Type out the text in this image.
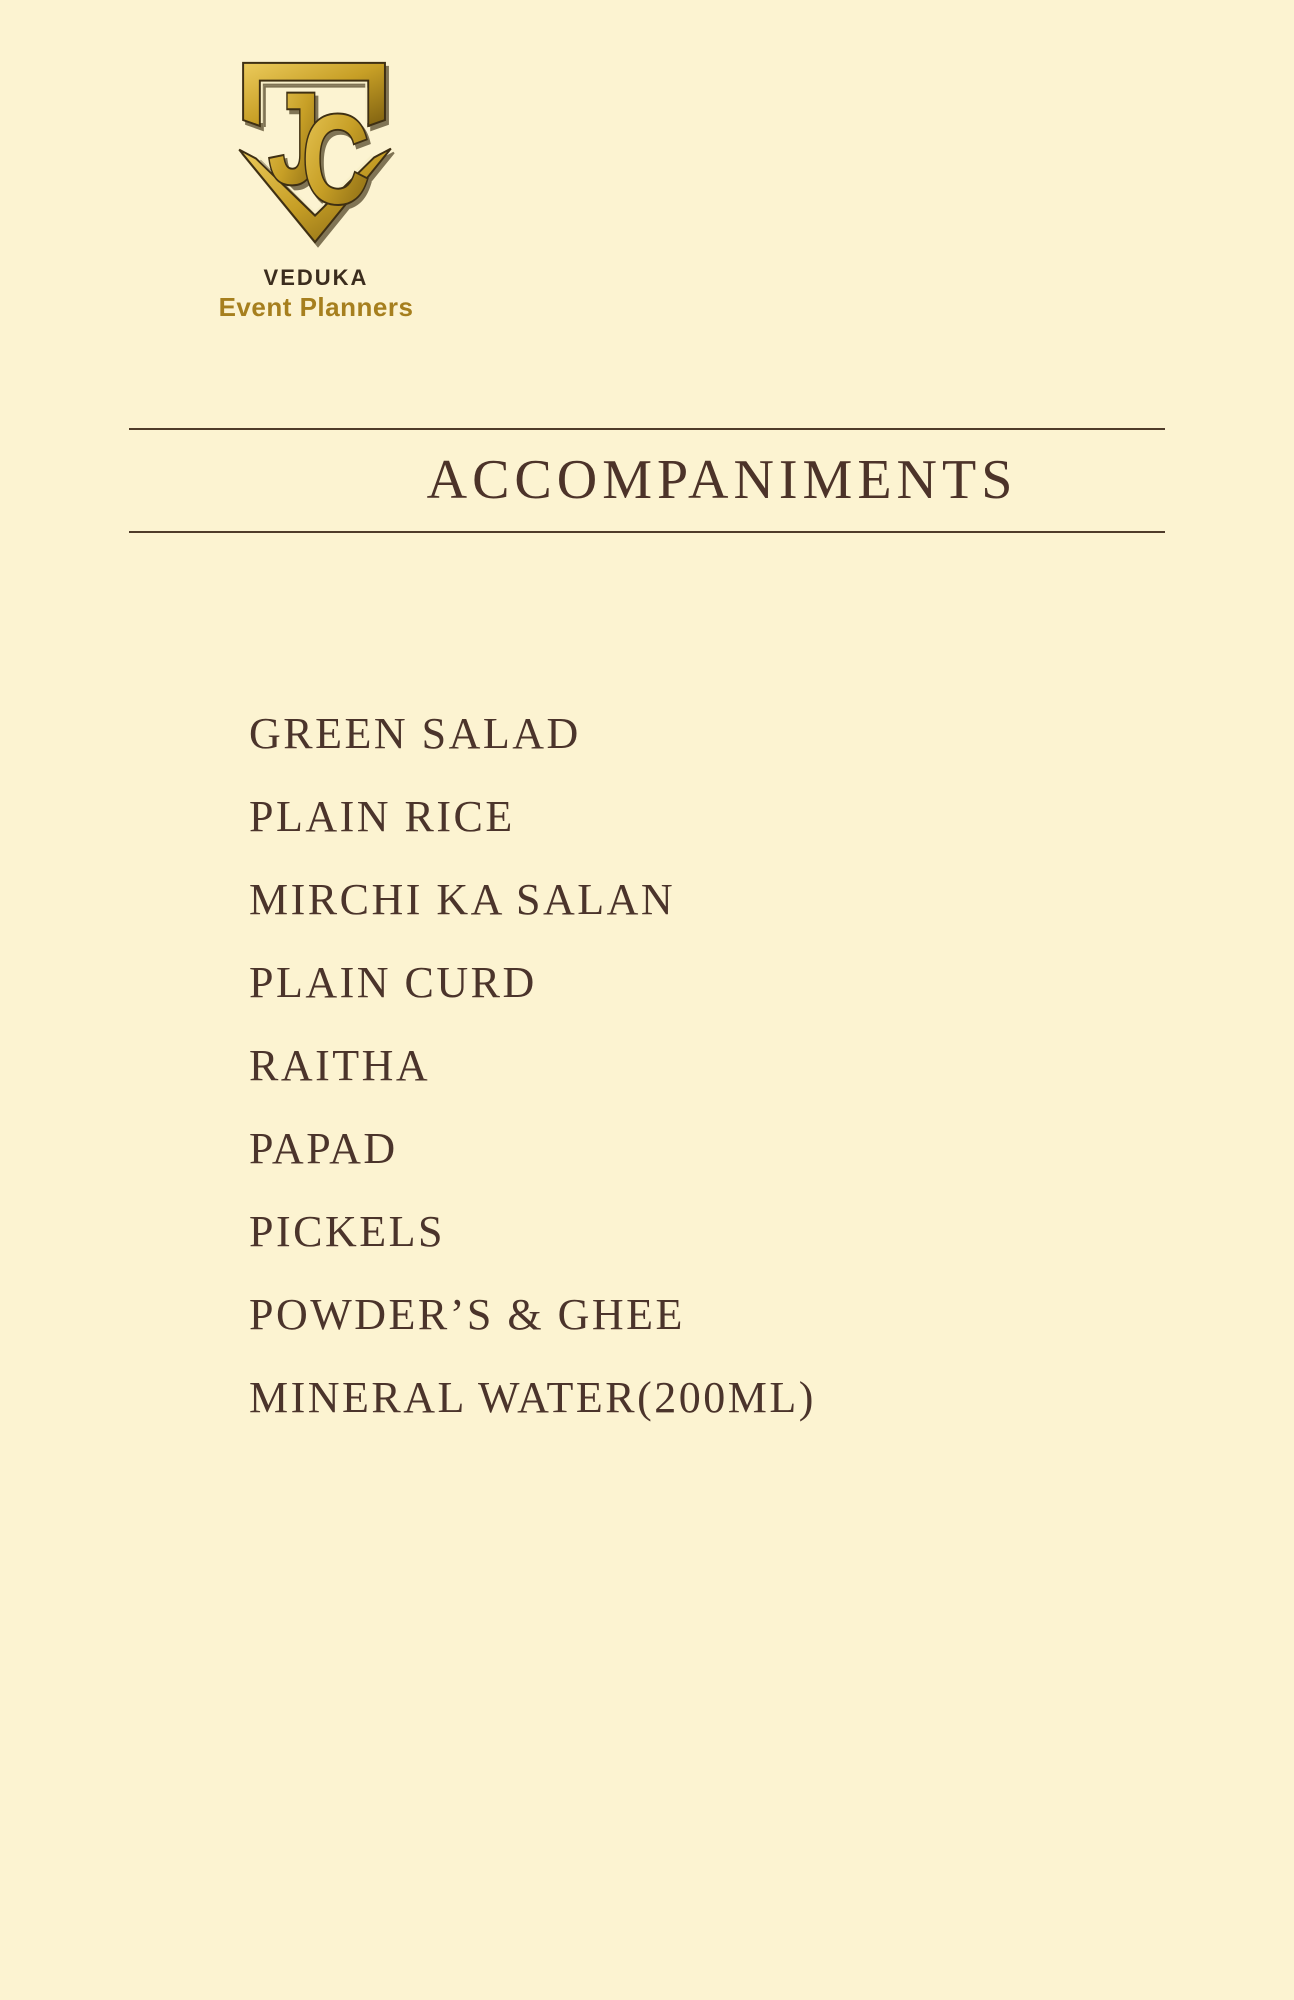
J
C
VEDUKA
Event Planners
ACCOMPANIMENTS
GREEN SALAD
PLAIN RICE
MIRCHI KA SALAN
PLAIN CURD
RAITHA
PAPAD
PICKELS
POWDER’S & GHEE
MINERAL WATER(200ML)
